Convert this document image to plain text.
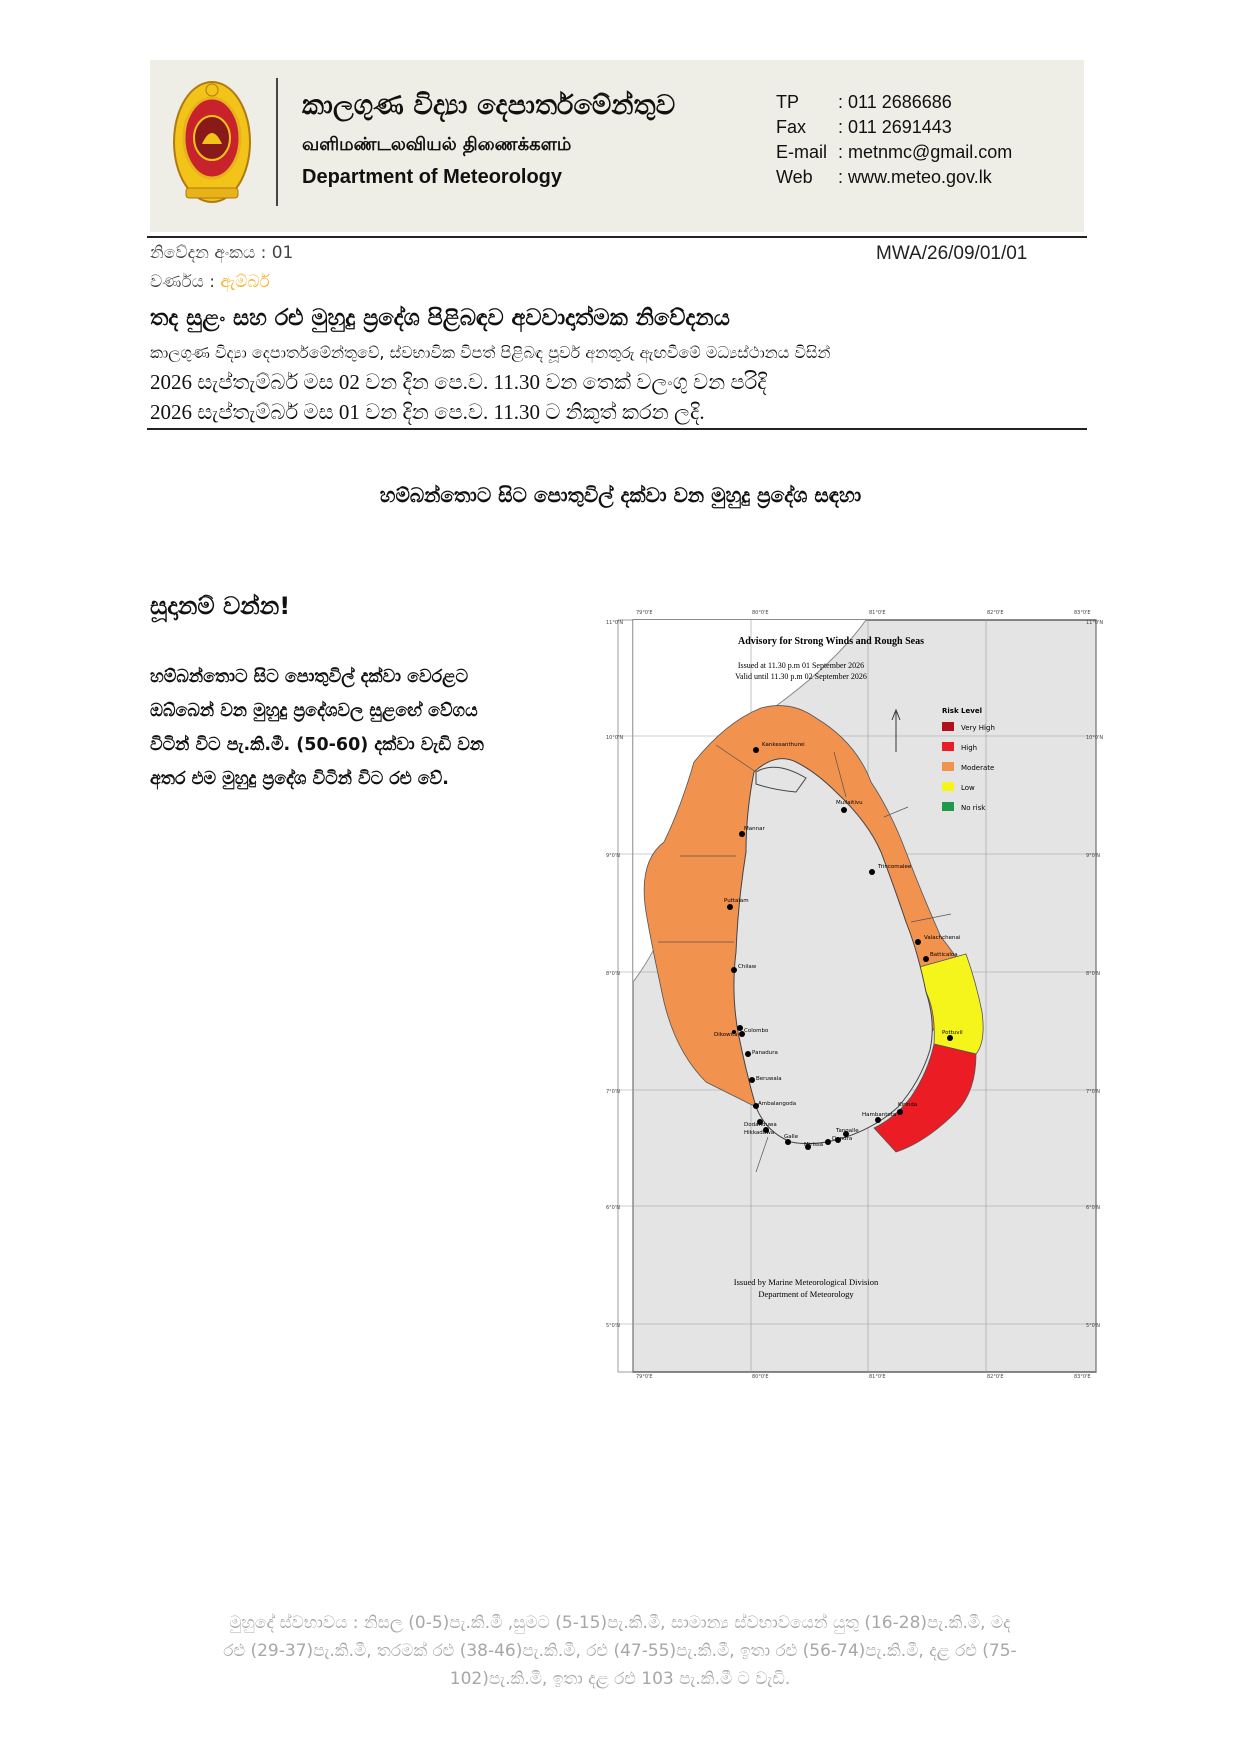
කාලගුණ විද්‍යා දෙපාර්තමේන්තුව
வளிமண்டலவியல் திணைக்களம்
Department of Meteorology
TP	: 011 2686686
Fax	: 011 2691443
E-mail : metnmc@gmail.com
Web	: www.meteo.gov.lk
නිවේදන අංකය : 01	MWA/26/09/01/01
වර්ණය : ඇම්බර්
තද සුළං සහ රළු මුහුදු ප්‍රදේශ පිළිබඳව අවවාදාත්මක නිවේදනය
කාලගුණ විද්‍යා දෙපාර්තමේන්තුවේ, ස්වභාවික විපත් පිළිබඳ පූර්ව අනතුරු ඇඟවීමේ මධ්‍යස්ථානය විසින්
2026 සැප්තැම්බර් මස 02 වන දින පෙ.ව. 11.30 වන තෙක් වලංගු වන පරිදි
2026 සැප්තැම්බර් මස 01 වන දින පෙ.ව. 11.30 ට නිකුත් කරන ලදි.
හම්බන්තොට සිට පොතුවිල් දක්වා වන මුහුදු ප්‍රදේශ සඳහා
සූදානම් වන්න!
හම්බන්තොට සිට පොතුවිල් දක්වා වෙරළට
ඔබ්බෙන් වන මුහුදු ප්‍රදේශවල සුළඟේ වේගය
විටින් විට පැ.කි.මී. (50-60) දක්වා වැඩි වන
අතර එම මුහුදු ප්‍රදේශ විටින් විට රළු වේ.
79°0'E	80°0'E	81°0'E	82°0'E	83°0'E
79°0'E	80°0'E	81°0'E	82°0'E	83°0'E
11°0'N	11°0'N
10°0'N
9°0'N
8°0'N
7°0'N
6°0'N
5°0'N
10°0'N
9°0'N
8°0'N
7°0'N
6°0'N
5°0'N
Kankesanthurei
Mullaitivu
Mannar
Trincomalee
Puttalam
Valachchenai
Batticaloa
Chilaw
Colombo
Panadura
Pottuvil
Beruwala
Ambalangoda
Hambantota
Kirinda
Tangalle
Dondra
Galle
Hikkaduwa
Dodanduwa
Mirissa
Dikowita
Advisory for Strong Winds and Rough Seas
Issued at 11.30 p.m 01 September 2026
Valid until 11.30 p.m 02 September 2026
Risk Level
Very High
High
Moderate
Low
No risk
Issued by Marine Meteorological Division
Department of Meteorology
මුහුදේ ස්වභාවය : නිසල (0-5)පැ.කි.මී ,සුමට (5-15)පැ.කි.මී, සාමාන්‍ය ස්වභාවයෙන් යුතු (16-28)පැ.කි.මී, මද
රළු (29-37)පැ.කි.මී, තරමක් රළු (38-46)පැ.කි.මී, රළු (47-55)පැ.කි.මී, ඉතා රළු (56-74)පැ.කි.මී, දළ රළු (75-
102)පැ.කි.මී, ඉතා දළ රළු 103 පැ.කි.මී ට වැඩි.
